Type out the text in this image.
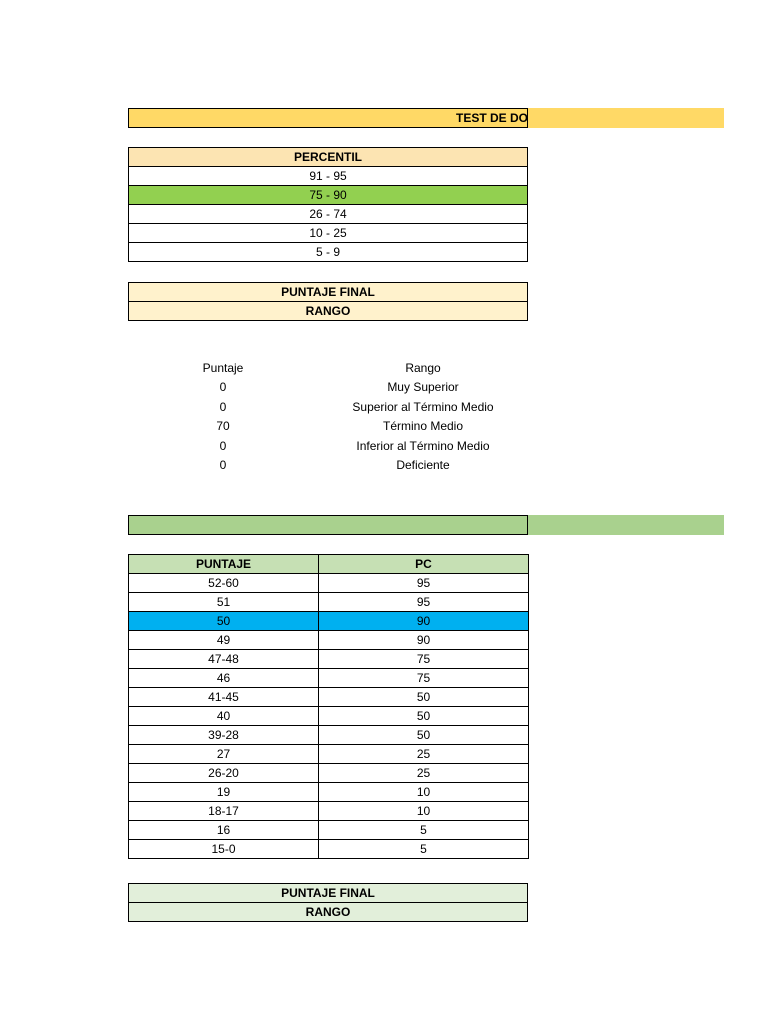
TEST DE DO
PERCENTIL
91 - 95
75 - 90
26 - 74
10 - 25
5 - 9
PUNTAJE FINAL
RANGO
Puntaje	Rango
0	Muy Superior
0	Superior al Término Medio
70	Término Medio
0	Inferior al Término Medio
0	Deficiente
PUNTAJE	PC
52-60	95
51	95
50	90
49	90
47-48	75
46	75
41-45	50
40	50
39-28	50
27	25
26-20	25
19	10
18-17	10
16	5
15-0	5
PUNTAJE FINAL
RANGO
